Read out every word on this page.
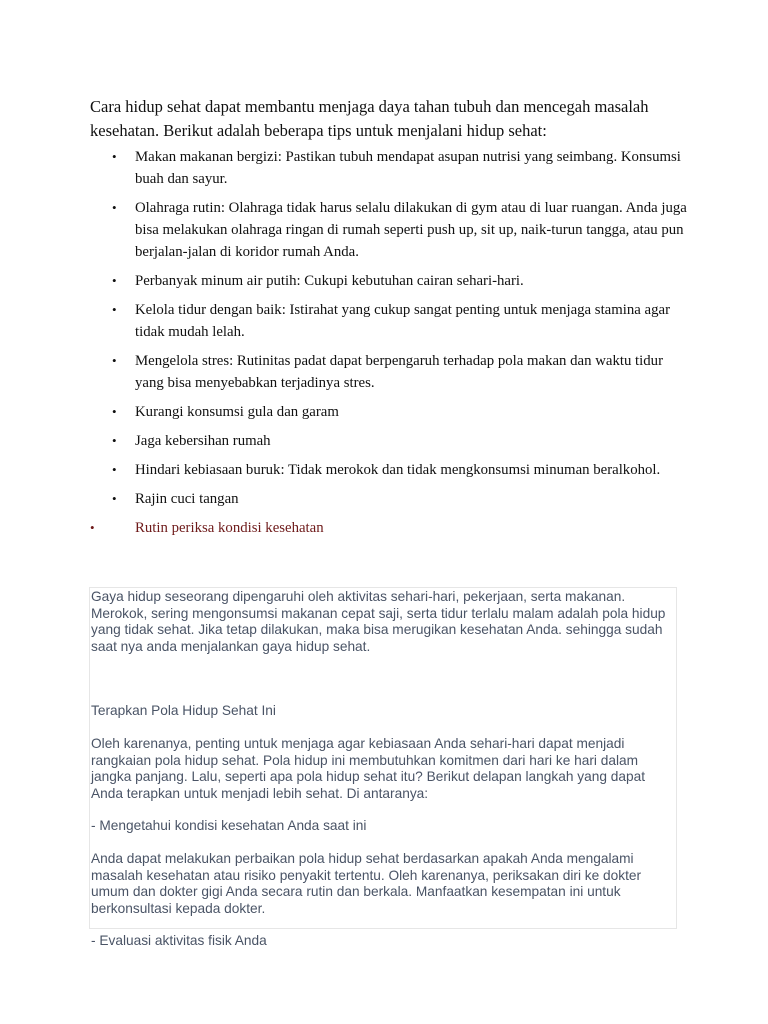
Cara hidup sehat dapat membantu menjaga daya tahan tubuh dan mencegah masalah kesehatan. Berikut adalah beberapa tips untuk menjalani hidup sehat:

• Makan makanan bergizi: Pastikan tubuh mendapat asupan nutrisi yang seimbang. Konsumsi buah dan sayur.
• Olahraga rutin: Olahraga tidak harus selalu dilakukan di gym atau di luar ruangan. Anda juga bisa melakukan olahraga ringan di rumah seperti push up, sit up, naik-turun tangga, atau pun berjalan-jalan di koridor rumah Anda.
• Perbanyak minum air putih: Cukupi kebutuhan cairan sehari-hari.
• Kelola tidur dengan baik: Istirahat yang cukup sangat penting untuk menjaga stamina agar tidak mudah lelah.
• Mengelola stres: Rutinitas padat dapat berpengaruh terhadap pola makan dan waktu tidur yang bisa menyebabkan terjadinya stres.
• Kurangi konsumsi gula dan garam
• Jaga kebersihan rumah
• Hindari kebiasaan buruk: Tidak merokok dan tidak mengkonsumsi minuman beralkohol.
• Rajin cuci tangan
•	Rutin periksa kondisi kesehatan

Gaya hidup seseorang dipengaruhi oleh aktivitas sehari-hari, pekerjaan, serta makanan. Merokok, sering mengonsumsi makanan cepat saji, serta tidur terlalu malam adalah pola hidup yang tidak sehat. Jika tetap dilakukan, maka bisa merugikan kesehatan Anda. sehingga sudah saat nya anda menjalankan gaya hidup sehat.

Terapkan Pola Hidup Sehat Ini

Oleh karenanya, penting untuk menjaga agar kebiasaan Anda sehari-hari dapat menjadi rangkaian pola hidup sehat. Pola hidup ini membutuhkan komitmen dari hari ke hari dalam jangka panjang. Lalu, seperti apa pola hidup sehat itu? Berikut delapan langkah yang dapat Anda terapkan untuk menjadi lebih sehat. Di antaranya:

- Mengetahui kondisi kesehatan Anda saat ini

Anda dapat melakukan perbaikan pola hidup sehat berdasarkan apakah Anda mengalami masalah kesehatan atau risiko penyakit tertentu. Oleh karenanya, periksakan diri ke dokter umum dan dokter gigi Anda secara rutin dan berkala. Manfaatkan kesempatan ini untuk berkonsultasi kepada dokter.

- Evaluasi aktivitas fisik Anda
